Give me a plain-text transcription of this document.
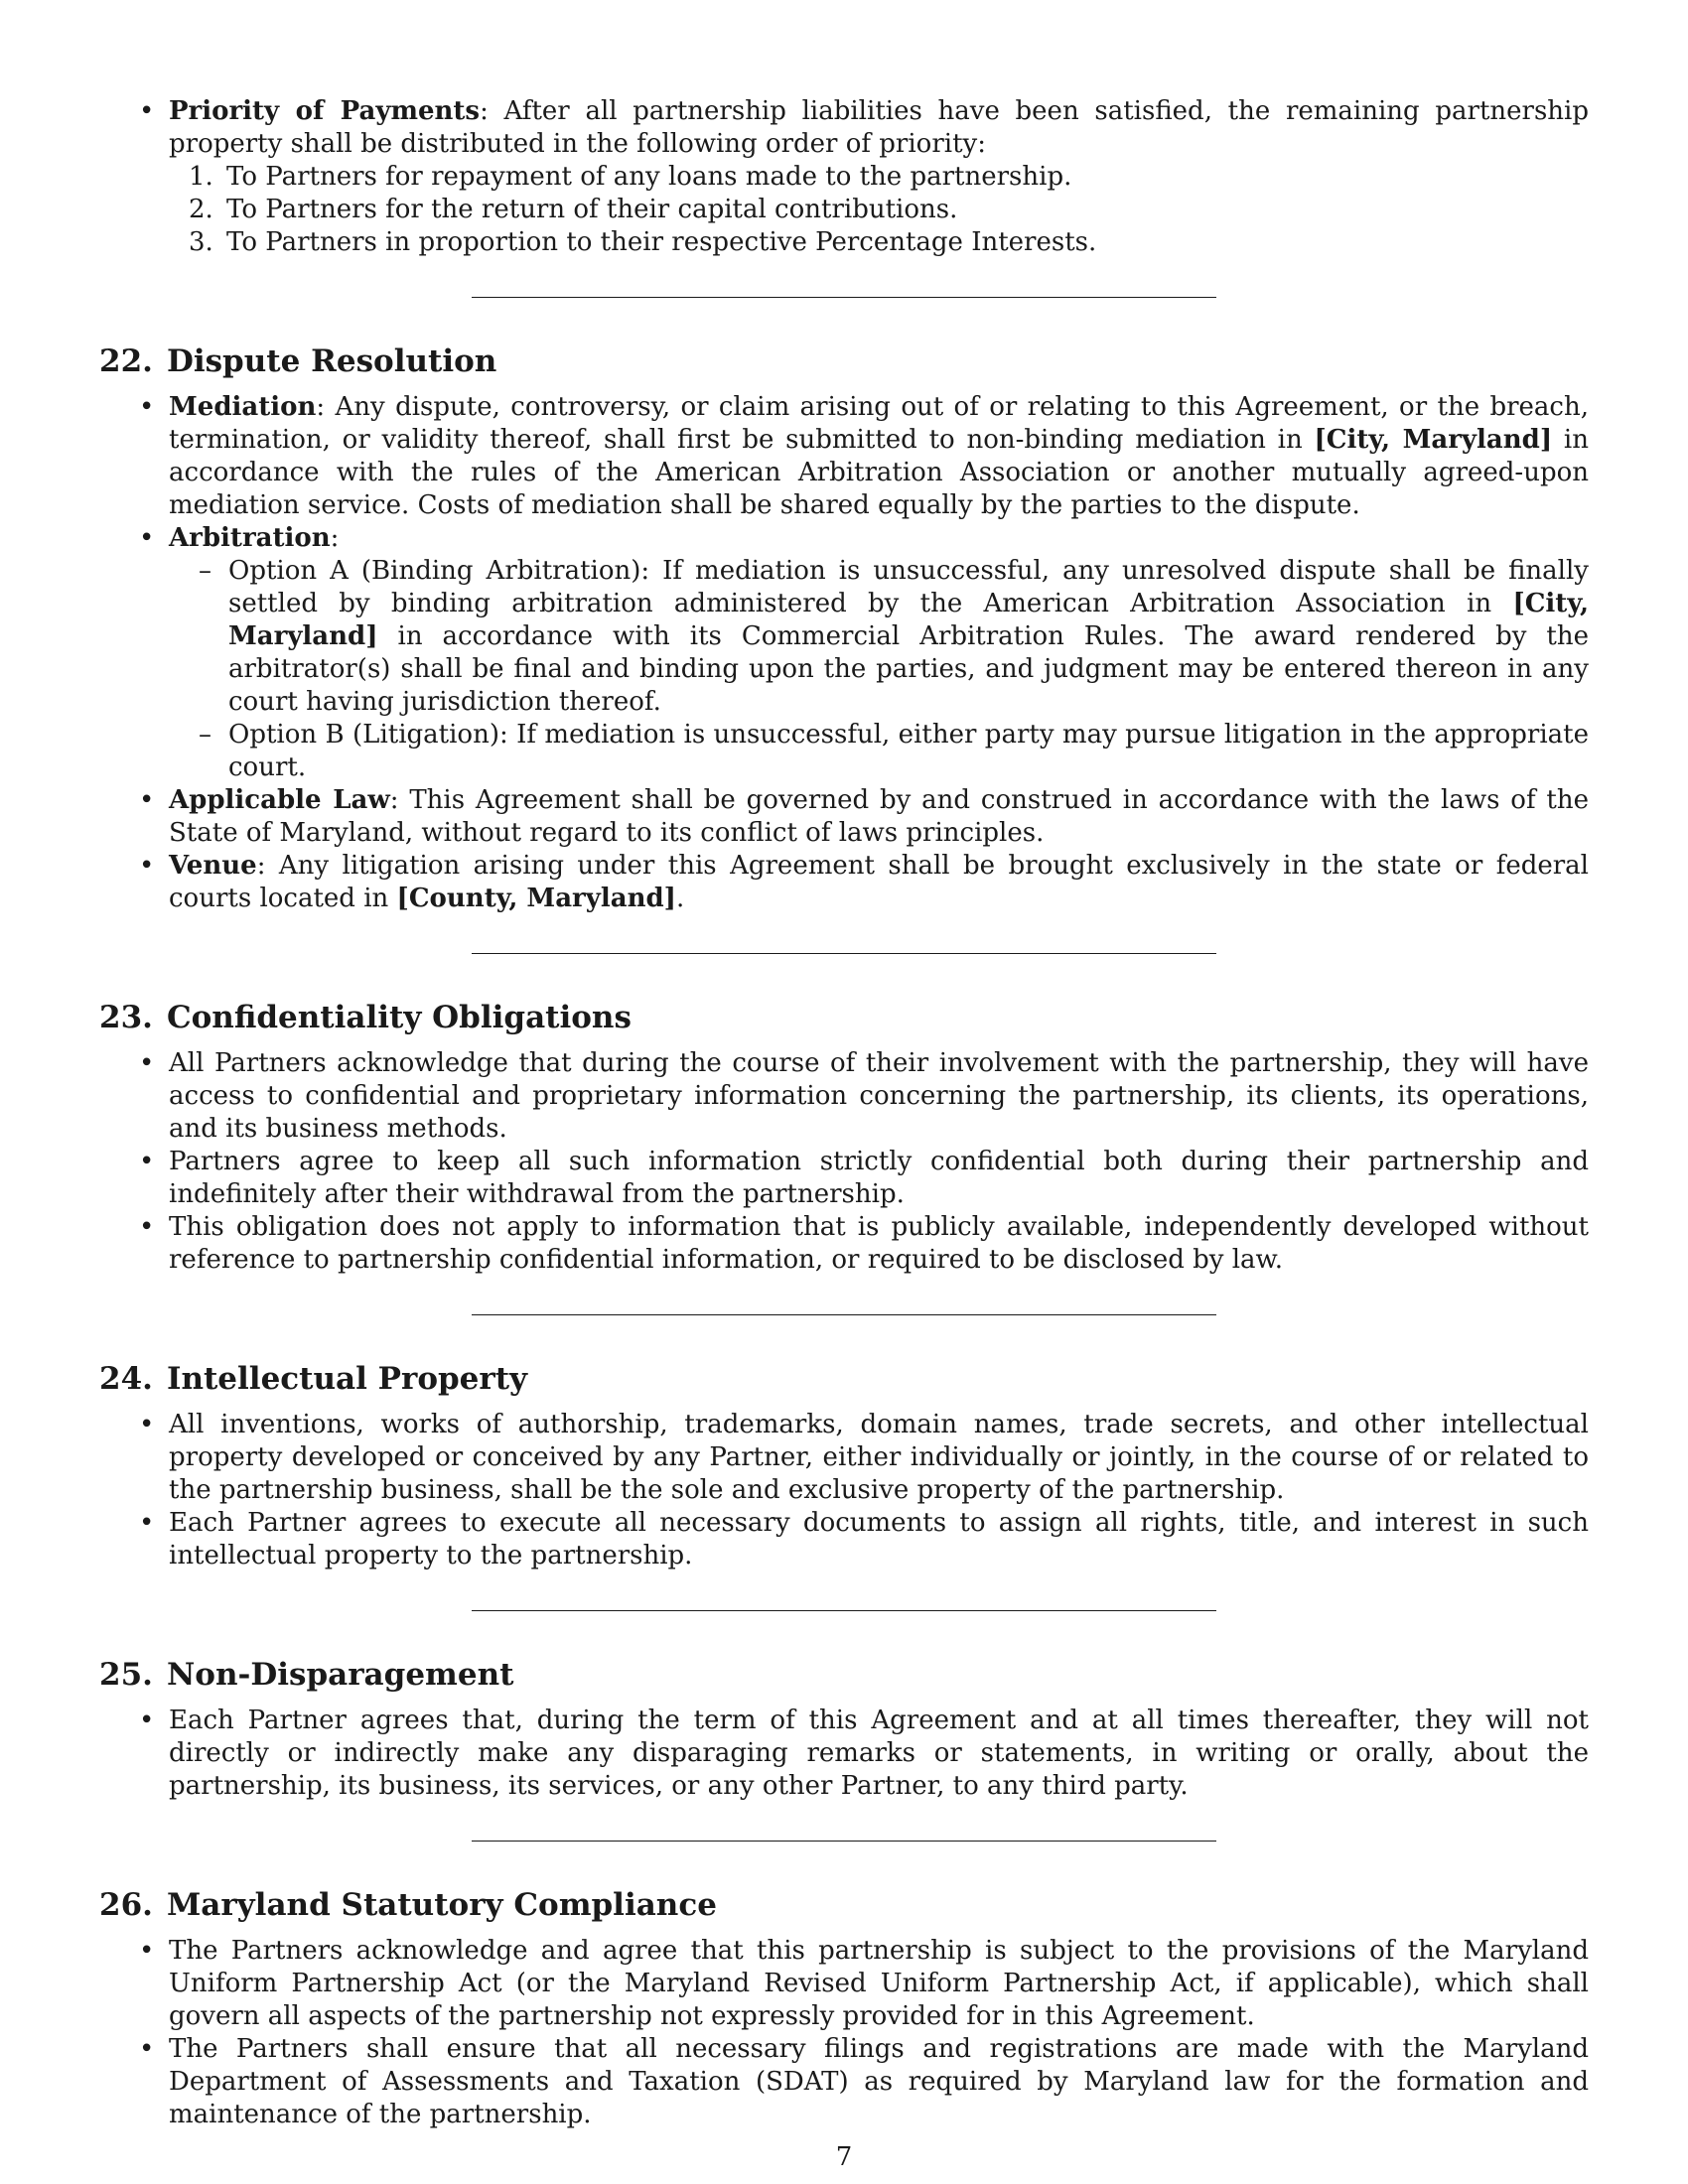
• Priority of Payments: After all partnership liabilities have been satisfied, the remaining partnership property shall be distributed in the following order of priority:
1. To Partners for repayment of any loans made to the partnership.
2. To Partners for the return of their capital contributions.
3. To Partners in proportion to their respective Percentage Interests.
22. Dispute Resolution
• Mediation: Any dispute, controversy, or claim arising out of or relating to this Agreement, or the breach, termination, or validity thereof, shall first be submitted to non-binding mediation in [City, Maryland] in accordance with the rules of the American Arbitration Association or another mutually agreed-upon mediation service. Costs of mediation shall be shared equally by the parties to the dispute.
• Arbitration:
– Option A (Binding Arbitration): If mediation is unsuccessful, any unresolved dispute shall be finally settled by binding arbitration administered by the American Arbitration Association in [City, Maryland] in accordance with its Commercial Arbitration Rules. The award rendered by the arbitrator(s) shall be final and binding upon the parties, and judgment may be entered thereon in any court having jurisdiction thereof.
– Option B (Litigation): If mediation is unsuccessful, either party may pursue litigation in the appropriate court.
• Applicable Law: This Agreement shall be governed by and construed in accordance with the laws of the State of Maryland, without regard to its conflict of laws principles.
• Venue: Any litigation arising under this Agreement shall be brought exclusively in the state or federal courts located in [County, Maryland].
23. Confidentiality Obligations
• All Partners acknowledge that during the course of their involvement with the partnership, they will have access to confidential and proprietary information concerning the partnership, its clients, its operations, and its business methods.
• Partners agree to keep all such information strictly confidential both during their partnership and indefinitely after their withdrawal from the partnership.
• This obligation does not apply to information that is publicly available, independently developed without reference to partnership confidential information, or required to be disclosed by law.
24. Intellectual Property
• All inventions, works of authorship, trademarks, domain names, trade secrets, and other intellectual property developed or conceived by any Partner, either individually or jointly, in the course of or related to the partnership business, shall be the sole and exclusive property of the partnership.
• Each Partner agrees to execute all necessary documents to assign all rights, title, and interest in such intellectual property to the partnership.
25. Non-Disparagement
• Each Partner agrees that, during the term of this Agreement and at all times thereafter, they will not directly or indirectly make any disparaging remarks or statements, in writing or orally, about the partnership, its business, its services, or any other Partner, to any third party.
26. Maryland Statutory Compliance
• The Partners acknowledge and agree that this partnership is subject to the provisions of the Maryland Uniform Partnership Act (or the Maryland Revised Uniform Partnership Act, if applicable), which shall govern all aspects of the partnership not expressly provided for in this Agreement.
• The Partners shall ensure that all necessary filings and registrations are made with the Maryland Department of Assessments and Taxation (SDAT) as required by Maryland law for the formation and maintenance of the partnership.
7
